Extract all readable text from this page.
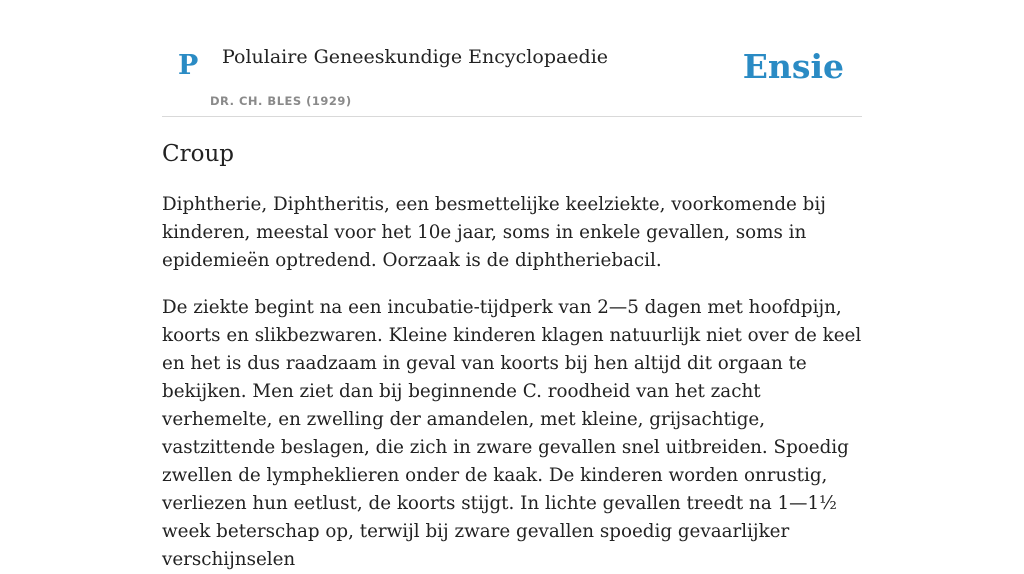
P Polulaire Geneeskundige Encyclopaedie
DR. CH. BLES (1929)
Ensie
Croup

Diphtherie, Diphtheritis, een besmettelijke keelziekte, voorkomende bij kinderen, meestal voor het 10e jaar, soms in enkele gevallen, soms in epidemieën optredend. Oorzaak is de diphtheriebacil.

De ziekte begint na een incubatie-tijdperk van 2—5 dagen met hoofdpijn, koorts en slikbezwaren. Kleine kinderen klagen natuurlijk niet over de keel en het is dus raadzaam in geval van koorts bij hen altijd dit orgaan te bekijken. Men ziet dan bij beginnende C. roodheid van het zacht verhemelte, en zwelling der amandelen, met kleine, grijsachtige, vastzittende beslagen, die zich in zware gevallen snel uitbreiden. Spoedig zwellen de lympheklieren onder de kaak. De kinderen worden onrustig, verliezen hun eetlust, de koorts stijgt. In lichte gevallen treedt na 1—1½ week beterschap op, terwijl bij zware gevallen spoedig gevaarlijker verschijnselen
